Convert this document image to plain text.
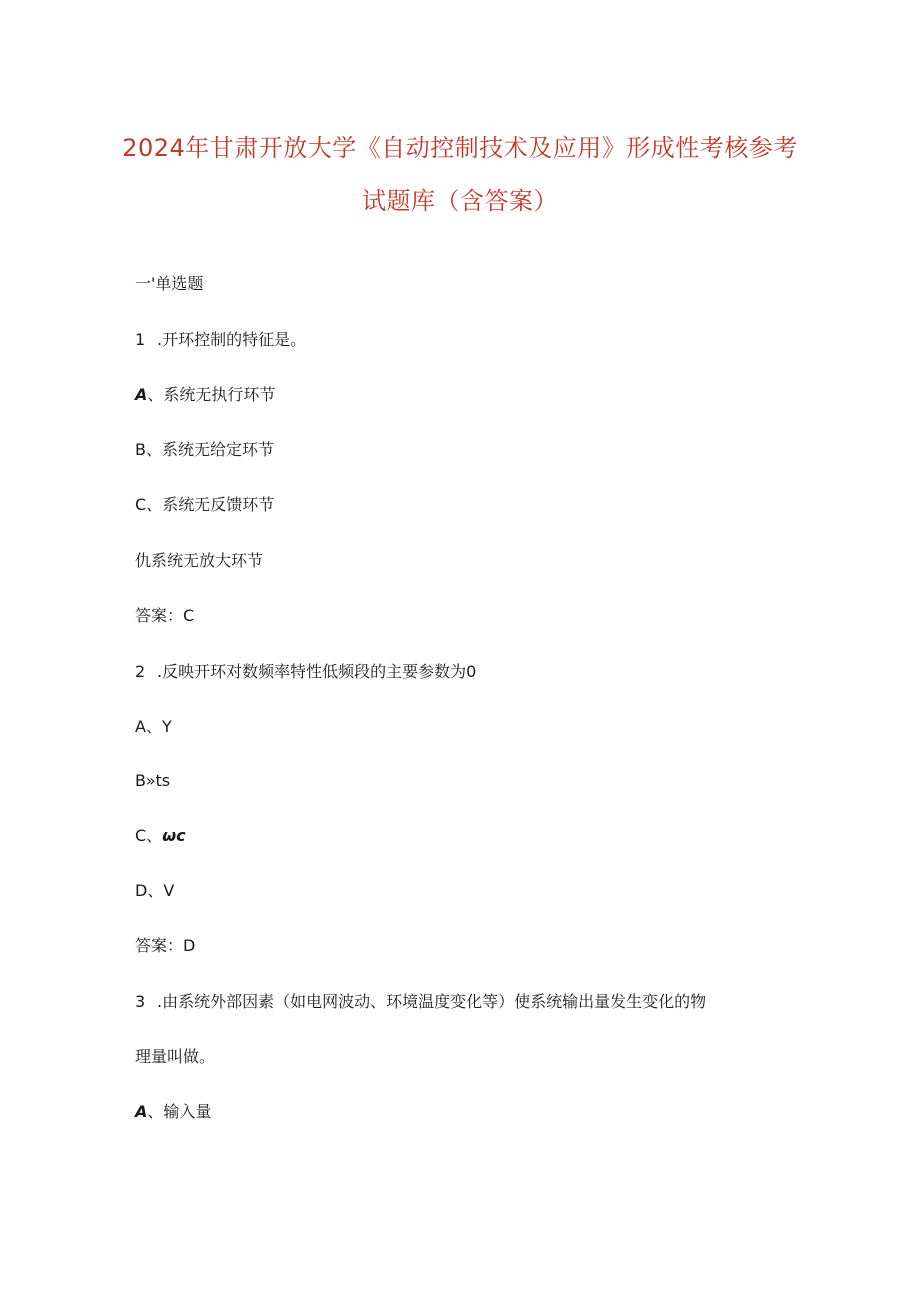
2024年甘肃开放大学《自动控制技术及应用》形成性考核参考
试题库（含答案）
一'单选题
1 .开环控制的特征是。
A、系统无执行环节
B、系统无给定环节
C、系统无反馈环节
仇系统无放大环节
答案：C
2 .反映开环对数频率特性低频段的主要参数为0
A、Y
B»ts
C、ωc
D、V
答案：D
3 .由系统外部因素（如电网波动、环境温度变化等）使系统输出量发生变化的物
理量叫做。
A、输入量
